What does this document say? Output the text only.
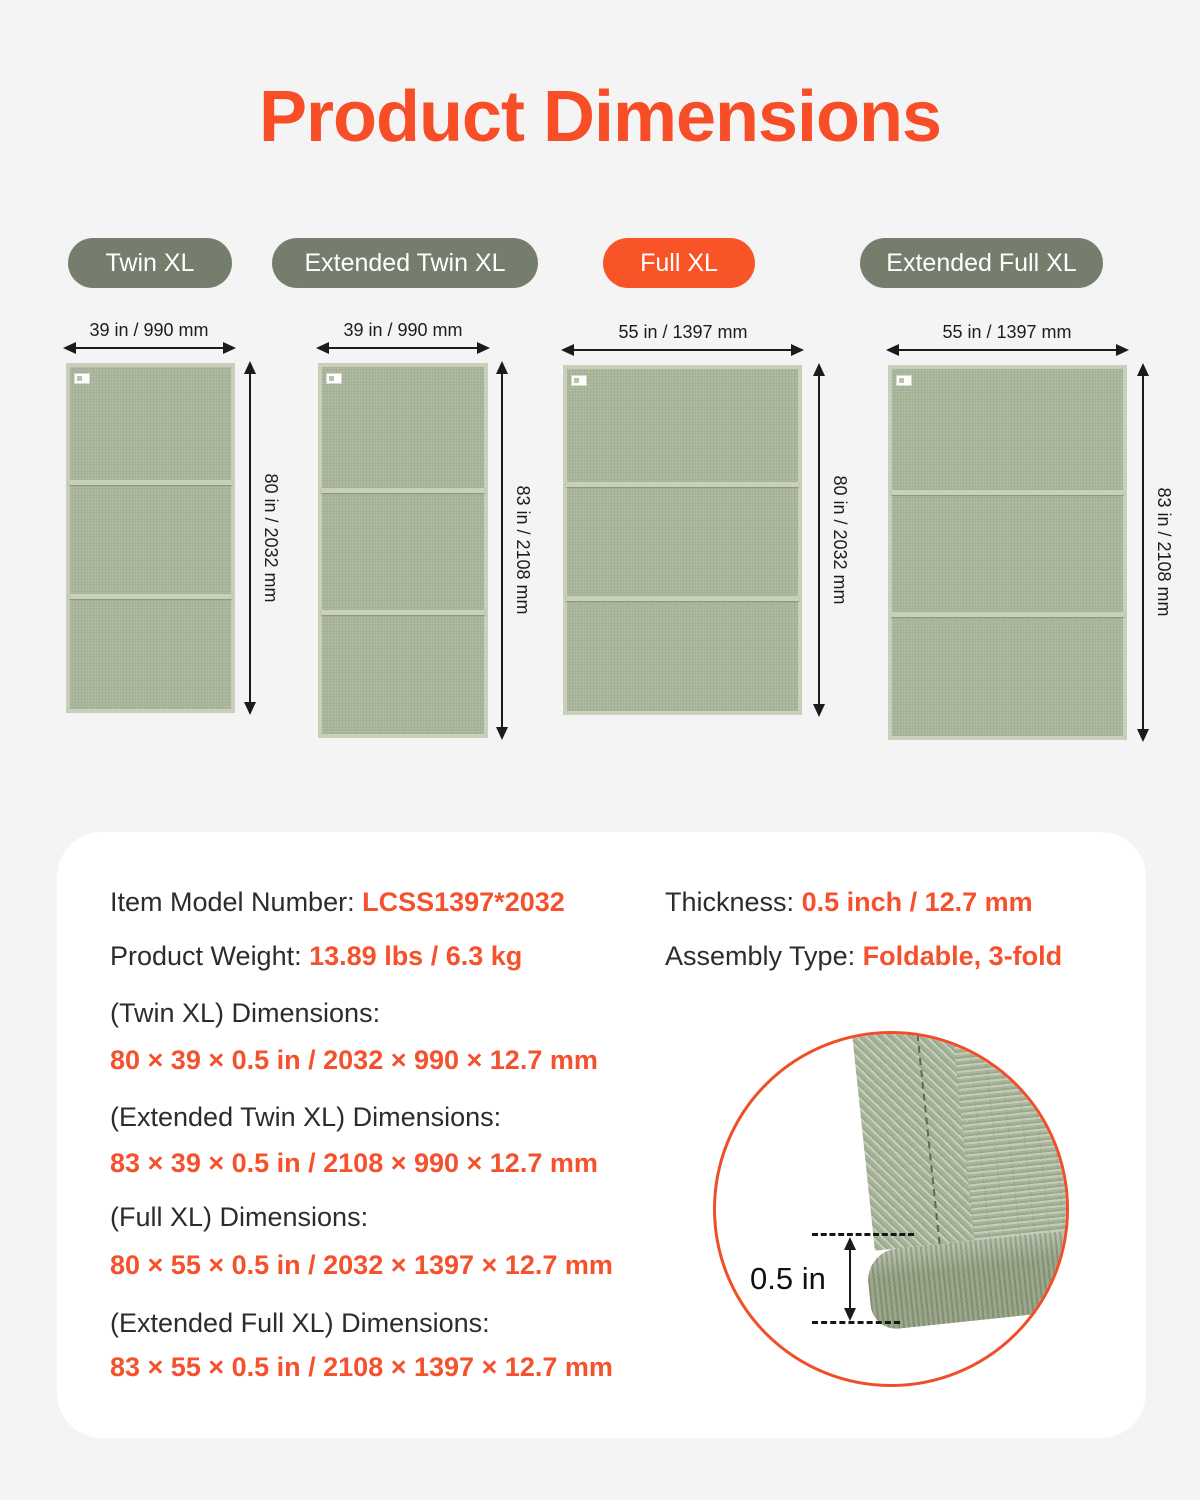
Product Dimensions
Twin XL	Extended Twin XL	Full XL	Extended Full XL
39 in / 990 mm
80 in / 2032 mm
39 in / 990 mm
83 in / 2108 mm
55 in / 1397 mm
80 in / 2032 mm
55 in / 1397 mm
83 in / 2108 mm
Item Model Number: LCSS1397*2032
Product Weight: 13.89 lbs / 6.3 kg
Thickness: 0.5 inch / 12.7 mm
Assembly Type: Foldable, 3-fold
(Twin XL) Dimensions:
80 × 39 × 0.5 in / 2032 × 990 × 12.7 mm
(Extended Twin XL) Dimensions:
83 × 39 × 0.5 in / 2108 × 990 × 12.7 mm
(Full XL) Dimensions:
80 × 55 × 0.5 in / 2032 × 1397 × 12.7 mm
(Extended Full XL) Dimensions:
83 × 55 × 0.5 in / 2108 × 1397 × 12.7 mm
0.5 in
